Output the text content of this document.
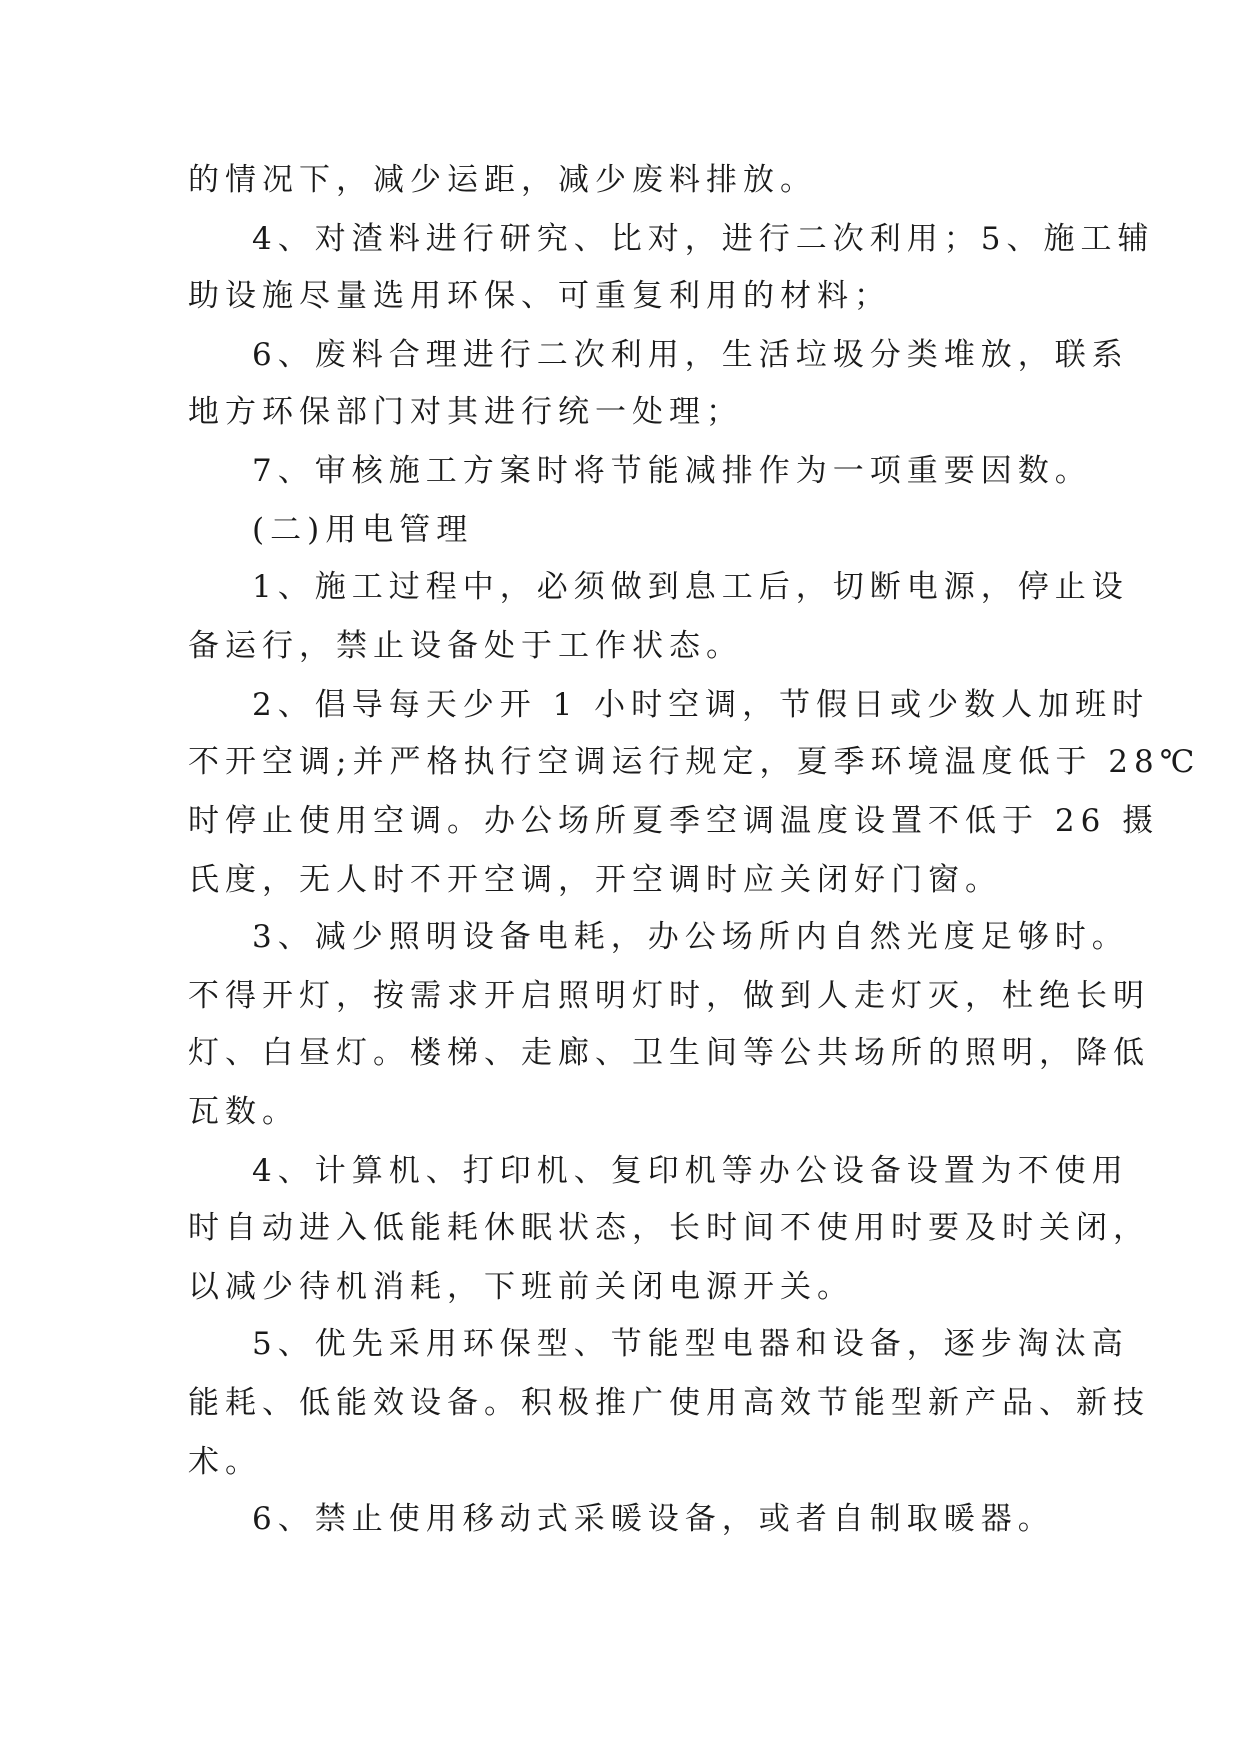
的情况下，减少运距，减少废料排放。
4、对渣料进行研究、比对，进行二次利用；5、施工辅
助设施尽量选用环保、可重复利用的材料；
6、废料合理进行二次利用，生活垃圾分类堆放，联系
地方环保部门对其进行统一处理；
7、审核施工方案时将节能减排作为一项重要因数。
(二)用电管理
1、施工过程中，必须做到息工后，切断电源，停止设
备运行，禁止设备处于工作状态。
2、倡导每天少开 1 小时空调，节假日或少数人加班时
不开空调;并严格执行空调运行规定，夏季环境温度低于 28℃
时停止使用空调。办公场所夏季空调温度设置不低于 26 摄
氏度，无人时不开空调，开空调时应关闭好门窗。
3、减少照明设备电耗，办公场所内自然光度足够时。
不得开灯，按需求开启照明灯时，做到人走灯灭，杜绝长明
灯、白昼灯。楼梯、走廊、卫生间等公共场所的照明，降低
瓦数。
4、计算机、打印机、复印机等办公设备设置为不使用
时自动进入低能耗休眠状态，长时间不使用时要及时关闭，
以减少待机消耗，下班前关闭电源开关。
5、优先采用环保型、节能型电器和设备，逐步淘汰高
能耗、低能效设备。积极推广使用高效节能型新产品、新技
术。
6、禁止使用移动式采暖设备，或者自制取暖器。
